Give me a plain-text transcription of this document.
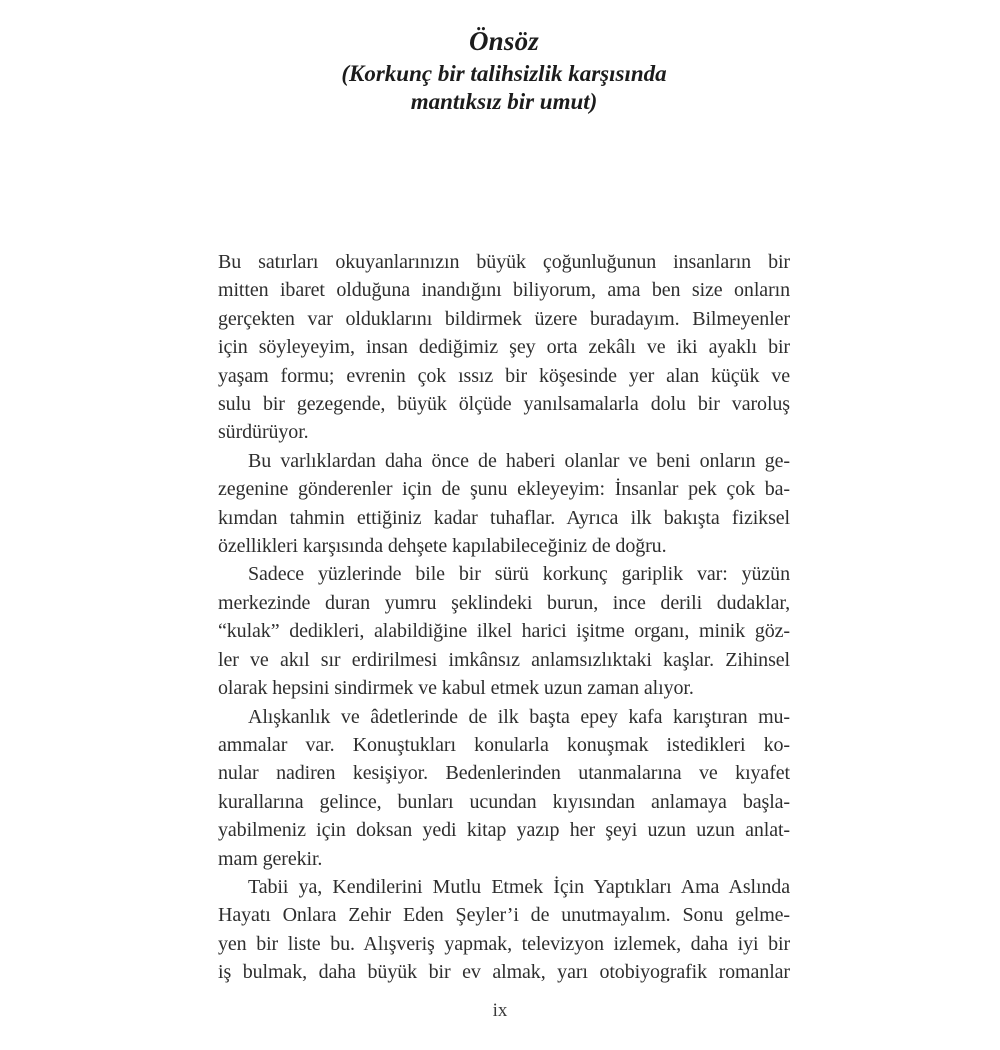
Önsöz
(Korkunç bir talihsizlik karşısında
mantıksız bir umut)
Bu satırları okuyanlarınızın büyük çoğunluğunun insanların bir
mitten ibaret olduğuna inandığını biliyorum, ama ben size onların
gerçekten var olduklarını bildirmek üzere buradayım. Bilmeyenler
için söyleyeyim, insan dediğimiz şey orta zekâlı ve iki ayaklı bir
yaşam formu; evrenin çok ıssız bir köşesinde yer alan küçük ve
sulu bir gezegende, büyük ölçüde yanılsamalarla dolu bir varoluş
sürdürüyor.
Bu varlıklardan daha önce de haberi olanlar ve beni onların ge-
zegenine gönderenler için de şunu ekleyeyim: İnsanlar pek çok ba-
kımdan tahmin ettiğiniz kadar tuhaflar. Ayrıca ilk bakışta fiziksel
özellikleri karşısında dehşete kapılabileceğiniz de doğru.
Sadece yüzlerinde bile bir sürü korkunç gariplik var: yüzün
merkezinde duran yumru şeklindeki burun, ince derili dudaklar,
“kulak” dedikleri, alabildiğine ilkel harici işitme organı, minik göz-
ler ve akıl sır erdirilmesi imkânsız anlamsızlıktaki kaşlar. Zihinsel
olarak hepsini sindirmek ve kabul etmek uzun zaman alıyor.
Alışkanlık ve âdetlerinde de ilk başta epey kafa karıştıran mu-
ammalar var. Konuştukları konularla konuşmak istedikleri ko-
nular nadiren kesişiyor. Bedenlerinden utanmalarına ve kıyafet
kurallarına gelince, bunları ucundan kıyısından anlamaya başla-
yabilmeniz için doksan yedi kitap yazıp her şeyi uzun uzun anlat-
mam gerekir.
Tabii ya, Kendilerini Mutlu Etmek İçin Yaptıkları Ama Aslında
Hayatı Onlara Zehir Eden Şeyler’i de unutmayalım. Sonu gelme-
yen bir liste bu. Alışveriş yapmak, televizyon izlemek, daha iyi bir
iş bulmak, daha büyük bir ev almak, yarı otobiyografik romanlar
ix
